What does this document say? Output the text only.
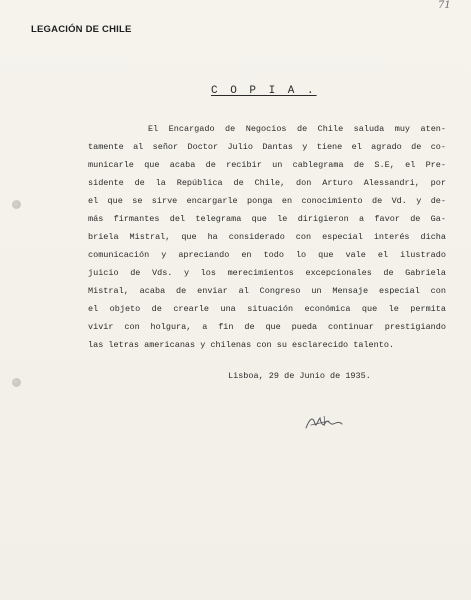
LEGACIÓN DE CHILE
71
C O P I A .
El Encargado de Negocios de Chile saluda muy aten-
tamente al señor Doctor Julio Dantas y tiene el agrado de co-
municarle que acaba de recibir un cablegrama de S.E, el Pre-
sidente de la República de Chile, don Arturo Alessandri, por
el que se sirve encargarle ponga en conocimiento de Vd. y de-
más firmantes del telegrama que le dirigieron a favor de Ga-
briela Mistral, que ha considerado con especial interés dicha
comunicación y apreciando en todo lo que vale el ilustrado
juicio de Vds. y los merecimientos excepcionales de Gabriela
Mistral, acaba de enviar al Congreso un Mensaje especial con
el objeto de crearle una situación económica que le permita
vivir con holgura, a fin de que pueda continuar prestigiando
las letras americanas y chilenas con su esclarecido talento.
Lisboa, 29 de Junio de 1935.
